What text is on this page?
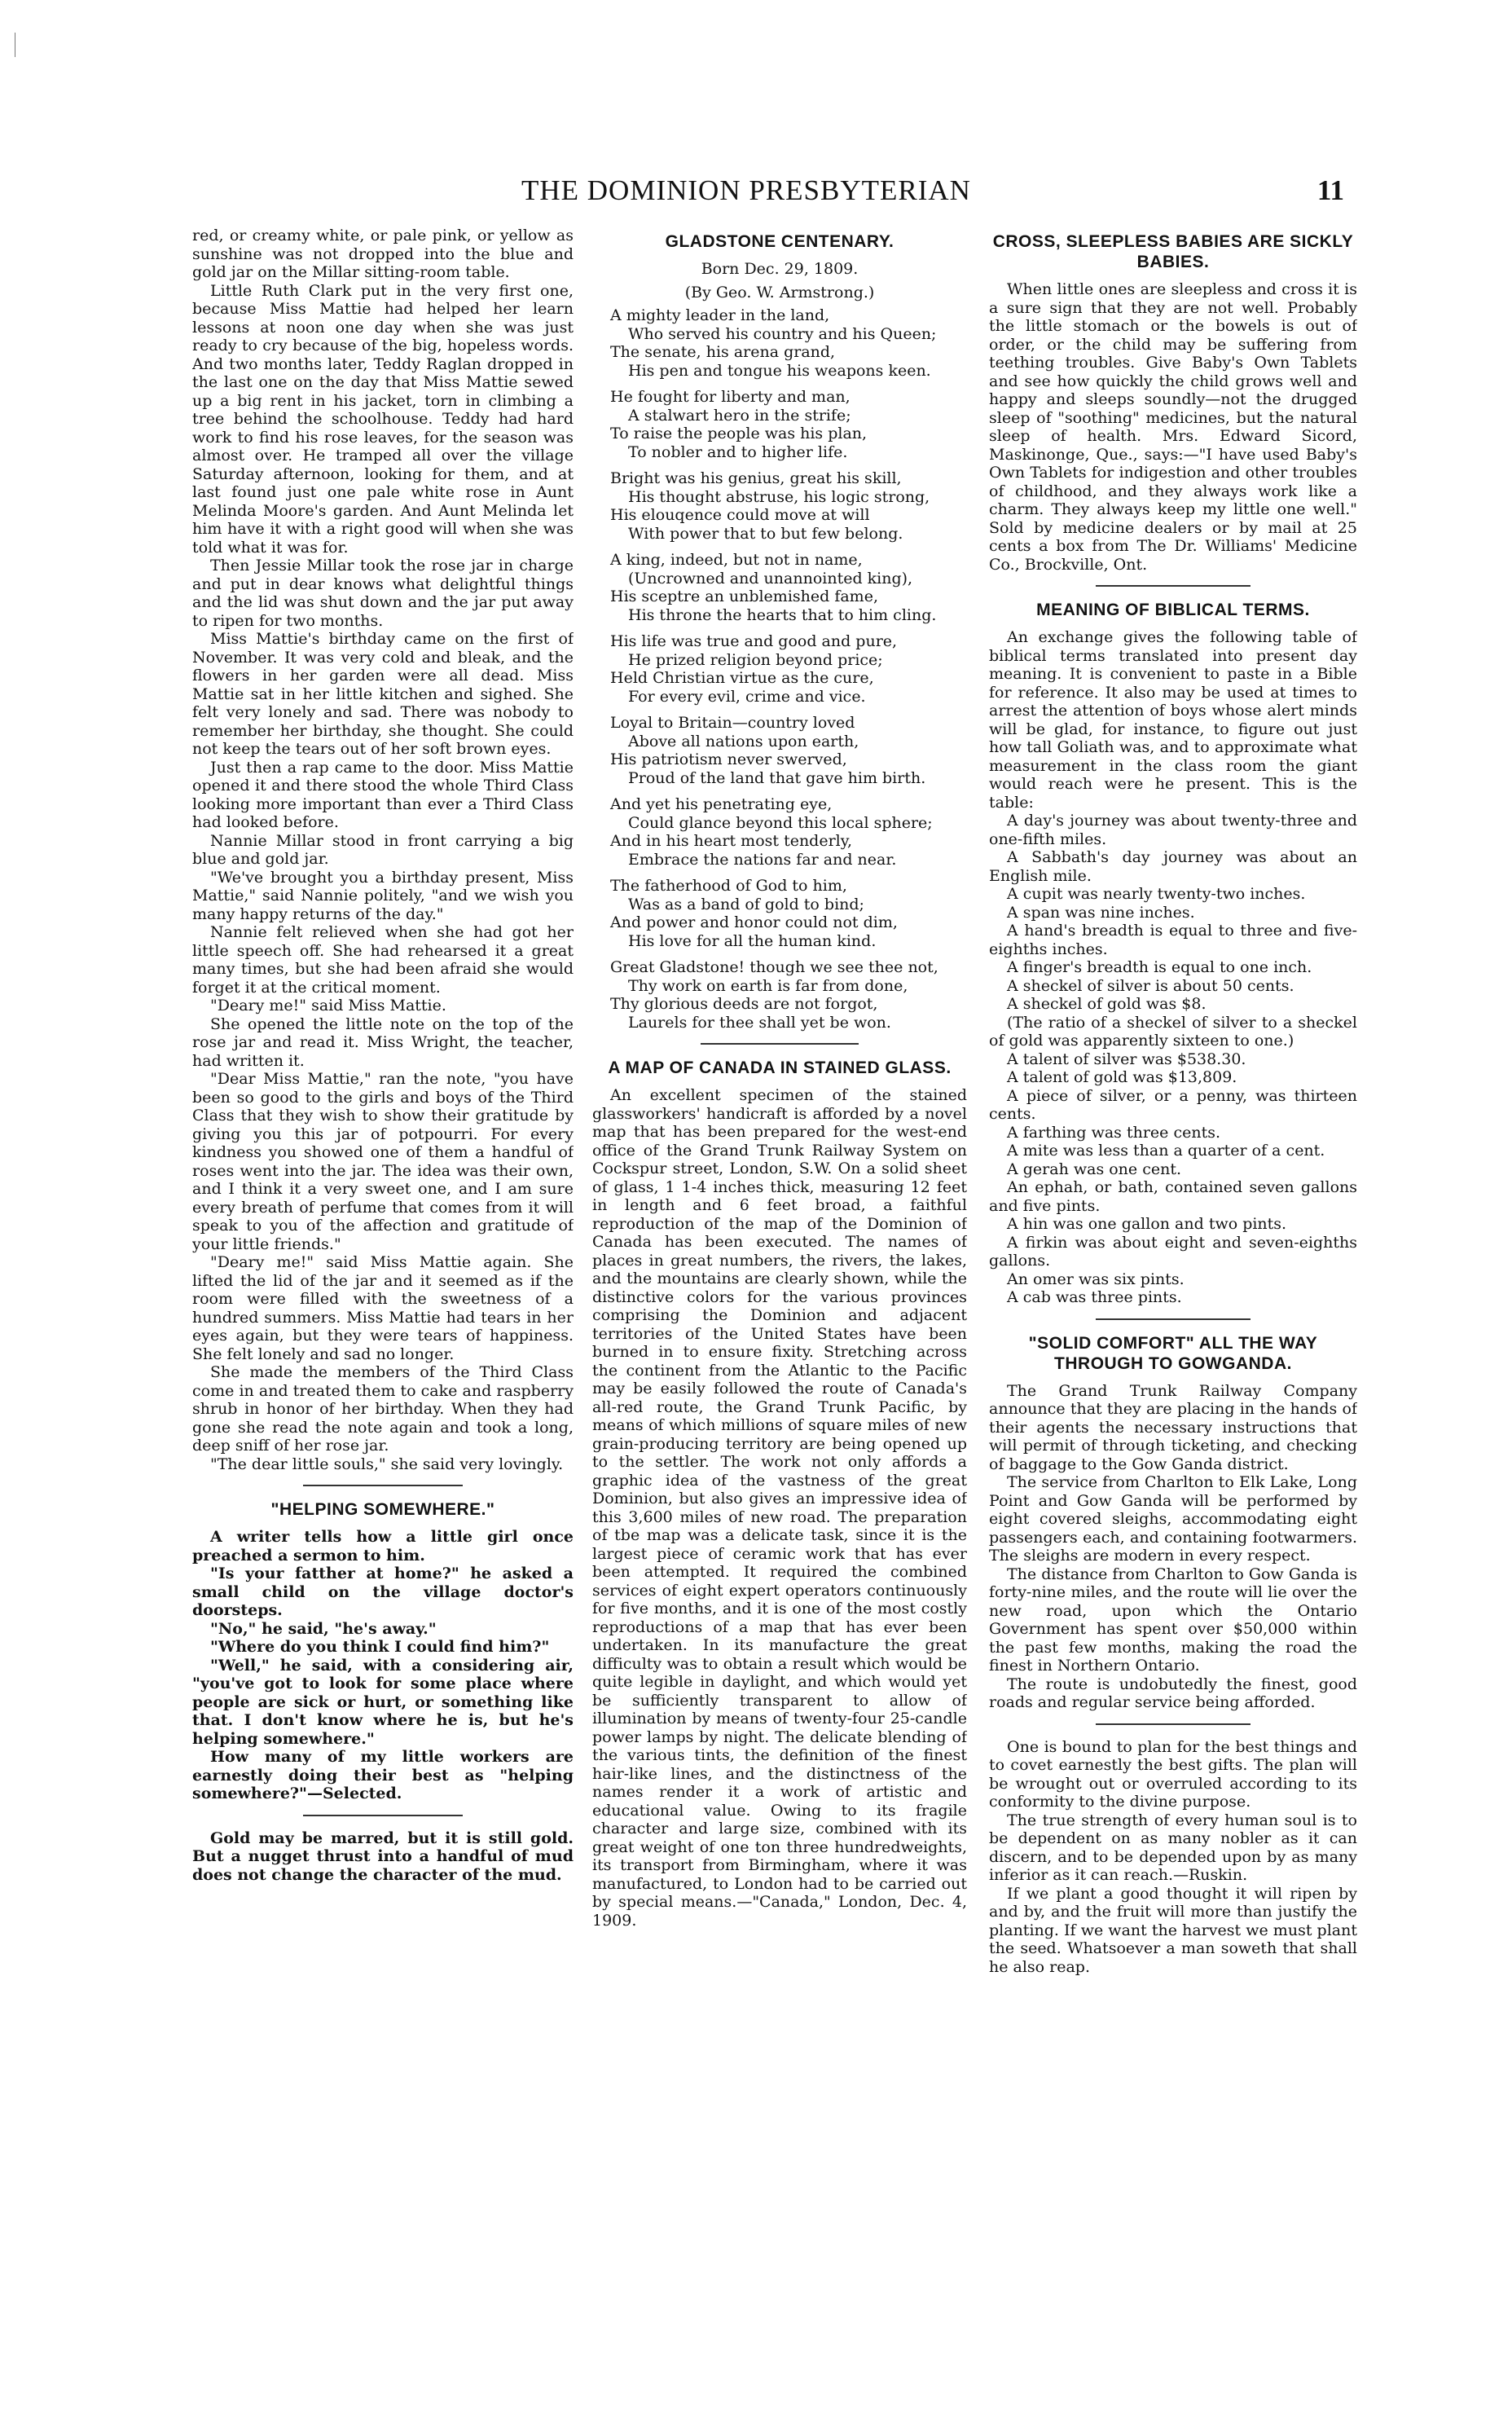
THE DOMINION PRESBYTERIAN	11

red, or creamy white, or pale pink, or yellow as sunshine was not dropped into the blue and gold jar on the Millar sitting-room table.

Little Ruth Clark put in the very first one, because Miss Mattie had helped her learn lessons at noon one day when she was just ready to cry because of the big, hopeless words. And two months later, Teddy Raglan dropped in the last one on the day that Miss Mattie sewed up a big rent in his jacket, torn in climbing a tree behind the schoolhouse. Teddy had hard work to find his rose leaves, for the season was almost over. He tramped all over the village Saturday afternoon, looking for them, and at last found just one pale white rose in Aunt Melinda Moore's garden. And Aunt Melinda let him have it with a right good will when she was told what it was for.

Then Jessie Millar took the rose jar in charge and put in dear knows what delightful things and the lid was shut down and the jar put away to ripen for two months.

Miss Mattie's birthday came on the first of November. It was very cold and bleak, and the flowers in her garden were all dead. Miss Mattie sat in her little kitchen and sighed. She felt very lonely and sad. There was nobody to remember her birthday, she thought. She could not keep the tears out of her soft brown eyes.

Just then a rap came to the door. Miss Mattie opened it and there stood the whole Third Class looking more important than ever a Third Class had looked before.

Nannie Millar stood in front carrying a big blue and gold jar.

"We've brought you a birthday present, Miss Mattie," said Nannie politely, "and we wish you many happy returns of the day."

Nannie felt relieved when she had got her little speech off. She had rehearsed it a great many times, but she had been afraid she would forget it at the critical moment.

"Deary me!" said Miss Mattie.

She opened the little note on the top of the rose jar and read it. Miss Wright, the teacher, had written it.

"Dear Miss Mattie," ran the note, "you have been so good to the girls and boys of the Third Class that they wish to show their gratitude by giving you this jar of potpourri. For every kindness you showed one of them a handful of roses went into the jar. The idea was their own, and I think it a very sweet one, and I am sure every breath of perfume that comes from it will speak to you of the affection and gratitude of your little friends."

"Deary me!" said Miss Mattie again. She lifted the lid of the jar and it seemed as if the room were filled with the sweetness of a hundred summers. Miss Mattie had tears in her eyes again, but they were tears of happiness. She felt lonely and sad no longer.

She made the members of the Third Class come in and treated them to cake and raspberry shrub in honor of her birthday. When they had gone she read the note again and took a long, deep sniff of her rose jar.

"The dear little souls," she said very lovingly.

"HELPING SOMEWHERE."

A writer tells how a little girl once preached a sermon to him.

"Is your fatther at home?" he asked a small child on the village doctor's doorsteps.

"No," he said, "he's away."

"Where do you think I could find him?"

"Well," he said, with a considering air, "you've got to look for some place where people are sick or hurt, or something like that. I don't know where he is, but he's helping somewhere."

How many of my little workers are earnestly doing their best as "helping somewhere?"—Selected.

Gold may be marred, but it is still gold. But a nugget thrust into a handful of mud does not change the character of the mud.

GLADSTONE CENTENARY.
Born Dec. 29, 1809.
(By Geo. W. Armstrong.)

A mighty leader in the land,

Who served his country and his Queen;

The senate, his arena grand,

His pen and tongue his weapons keen.

He fought for liberty and man,

A stalwart hero in the strife;

To raise the people was his plan,

To nobler and to higher life.

Bright was his genius, great his skill,

His thought abstruse, his logic strong,

His elouqence could move at will

With power that to but few belong.

A king, indeed, but not in name,

(Uncrowned and unannointed king),

His sceptre an unblemished fame,

His throne the hearts that to him cling.

His life was true and good and pure,

He prized religion beyond price;

Held Christian virtue as the cure,

For every evil, crime and vice.

Loyal to Britain—country loved

Above all nations upon earth,

His patriotism never swerved,

Proud of the land that gave him birth.

And yet his penetrating eye,

Could glance beyond this local sphere;

And in his heart most tenderly,

Embrace the nations far and near.

The fatherhood of God to him,

Was as a band of gold to bind;

And power and honor could not dim,

His love for all the human kind.

Great Gladstone! though we see thee not,

Thy work on earth is far from done,

Thy glorious deeds are not forgot,

Laurels for thee shall yet be won.

A MAP OF CANADA IN STAINED GLASS.

An excellent specimen of the stained glassworkers' handicraft is afforded by a novel map that has been prepared for the west-end office of the Grand Trunk Railway System on Cockspur street, London, S.W. On a solid sheet of glass, 1 1-4 inches thick, measuring 12 feet in length and 6 feet broad, a faithful reproduction of the map of the Dominion of Canada has been executed. The names of places in great numbers, the rivers, the lakes, and the mountains are clearly shown, while the distinctive colors for the various provinces comprising the Dominion and adjacent territories of the United States have been burned in to ensure fixity. Stretching across the continent from the Atlantic to the Pacific may be easily followed the route of Canada's all-red route, the Grand Trunk Pacific, by means of which millions of square miles of new grain-producing territory are being opened up to the settler. The work not only affords a graphic idea of the vastness of the great Dominion, but also gives an impressive idea of this 3,600 miles of new road. The preparation of tbe map was a delicate task, since it is the largest piece of ceramic work that has ever been attempted. It required the combined services of eight expert operators continuously for five months, and it is one of the most costly reproductions of a map that has ever been undertaken. In its manufacture the great difficulty was to obtain a result which would be quite legible in daylight, and which would yet be sufficiently transparent to allow of illumination by means of twenty-four 25-candle power lamps by night. The delicate blending of the various tints, the definition of the finest hair-like lines, and the distinctness of the names render it a work of artistic and educational value. Owing to its fragile character and large size, combined with its great weight of one ton three hundredweights, its transport from Birmingham, where it was manufactured, to London had to be carried out by special means.—"Canada," London, Dec. 4, 1909.

CROSS, SLEEPLESS BABIES ARE SICKLY BABIES.

When little ones are sleepless and cross it is a sure sign that they are not well. Probably the little stomach or the bowels is out of order, or the child may be suffering from teething troubles. Give Baby's Own Tablets and see how quickly the child grows well and happy and sleeps soundly—not the drugged sleep of "soothing" medicines, but the natural sleep of health. Mrs. Edward Sicord, Maskinonge, Que., says:—"I have used Baby's Own Tablets for indigestion and other troubles of childhood, and they always work like a charm. They always keep my little one well." Sold by medicine dealers or by mail at 25 cents a box from The Dr. Williams' Medicine Co., Brockville, Ont.

MEANING OF BIBLICAL TERMS.

An exchange gives the following table of biblical terms translated into present day meaning. It is convenient to paste in a Bible for reference. It also may be used at times to arrest the attention of boys whose alert minds will be glad, for instance, to figure out just how tall Goliath was, and to approximate what measurement in the class room the giant would reach were he present. This is the table:

A day's journey was about twenty-three and one-fifth miles.

A Sabbath's day journey was about an English mile.

A cupit was nearly twenty-two inches.

A span was nine inches.

A hand's breadth is equal to three and five-eighths inches.

A finger's breadth is equal to one inch.

A sheckel of silver is about 50 cents.

A sheckel of gold was $8.

(The ratio of a sheckel of silver to a sheckel of gold was apparently sixteen to one.)

A talent of silver was $538.30.

A talent of gold was $13,809.

A piece of silver, or a penny, was thirteen cents.

A farthing was three cents.

A mite was less than a quarter of a cent.

A gerah was one cent.

An ephah, or bath, contained seven gallons and five pints.

A hin was one gallon and two pints.

A firkin was about eight and seven-eighths gallons.

An omer was six pints.

A cab was three pints.

"SOLID COMFORT" ALL THE WAY THROUGH TO GOWGANDA.

The Grand Trunk Railway Company announce that they are placing in the hands of their agents the necessary instructions that will permit of through ticketing, and checking of baggage to the Gow Ganda district.

The service from Charlton to Elk Lake, Long Point and Gow Ganda will be performed by eight covered sleighs, accommodating eight passengers each, and containing footwarmers. The sleighs are modern in every respect.

The distance from Charlton to Gow Ganda is forty-nine miles, and the route will lie over the new road, upon which the Ontario Government has spent over $50,000 within the past few months, making the road the finest in Northern Ontario.

The route is undobutedly the finest, good roads and regular service being afforded.

One is bound to plan for the best things and to covet earnestly the best gifts. The plan will be wrought out or overruled according to its conformity to the divine purpose.

The true strength of every human soul is to be dependent on as many nobler as it can discern, and to be depended upon by as many inferior as it can reach.—Ruskin.

If we plant a good thought it will ripen by and by, and the fruit will more than justify the planting. If we want the harvest we must plant the seed. Whatsoever a man soweth that shall he also reap.
